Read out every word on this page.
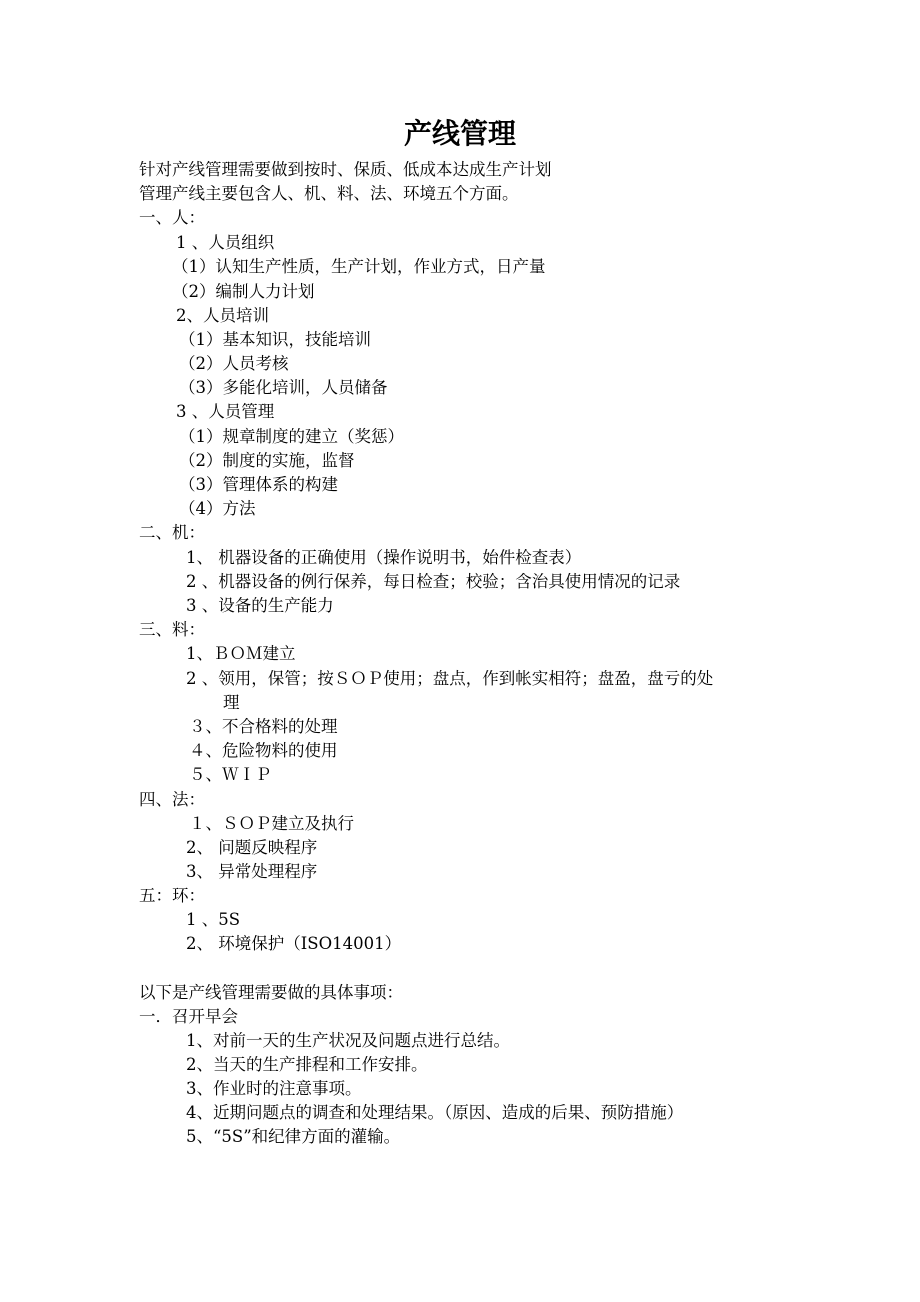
产线管理
针对产线管理需要做到按时、保质、低成本达成生产计划
管理产线主要包含人、机、料、法、环境五个方面。
一、人：
1 、人员组织
（1）认知生产性质，生产计划，作业方式，日产量
（2）编制人力计划
2、人员培训
（1）基本知识，技能培训
（2）人员考核
（3）多能化培训，人员储备
3 、人员管理
（1）规章制度的建立（奖惩）
（2）制度的实施，监督
（3）管理体系的构建
（4）方法
二、机：
1、 机器设备的正确使用（操作说明书，始件检查表）
2 、机器设备的例行保养，每日检查；校验；含治具使用情况的记录
3 、设备的生产能力
三、料：
1、ＢＯＭ建立
2 、领用，保管；按ＳＯＰ使用；盘点，作到帐实相符；盘盈，盘亏的处
理
３、不合格料的处理
４、危险物料的使用
５、ＷＩＰ
四、法：
１、ＳＯＰ建立及执行
2、 问题反映程序
3、 异常处理程序
五：环：
1 、5S
2、 环境保护（ISO14001）
以下是产线管理需要做的具体事项：
一．召开早会
1、对前一天的生产状况及问题点进行总结。
2、当天的生产排程和工作安排。
3、作业时的注意事项。
4、近期问题点的调查和处理结果。（原因、造成的后果、预防措施）
5、“5S”和纪律方面的灌输。
